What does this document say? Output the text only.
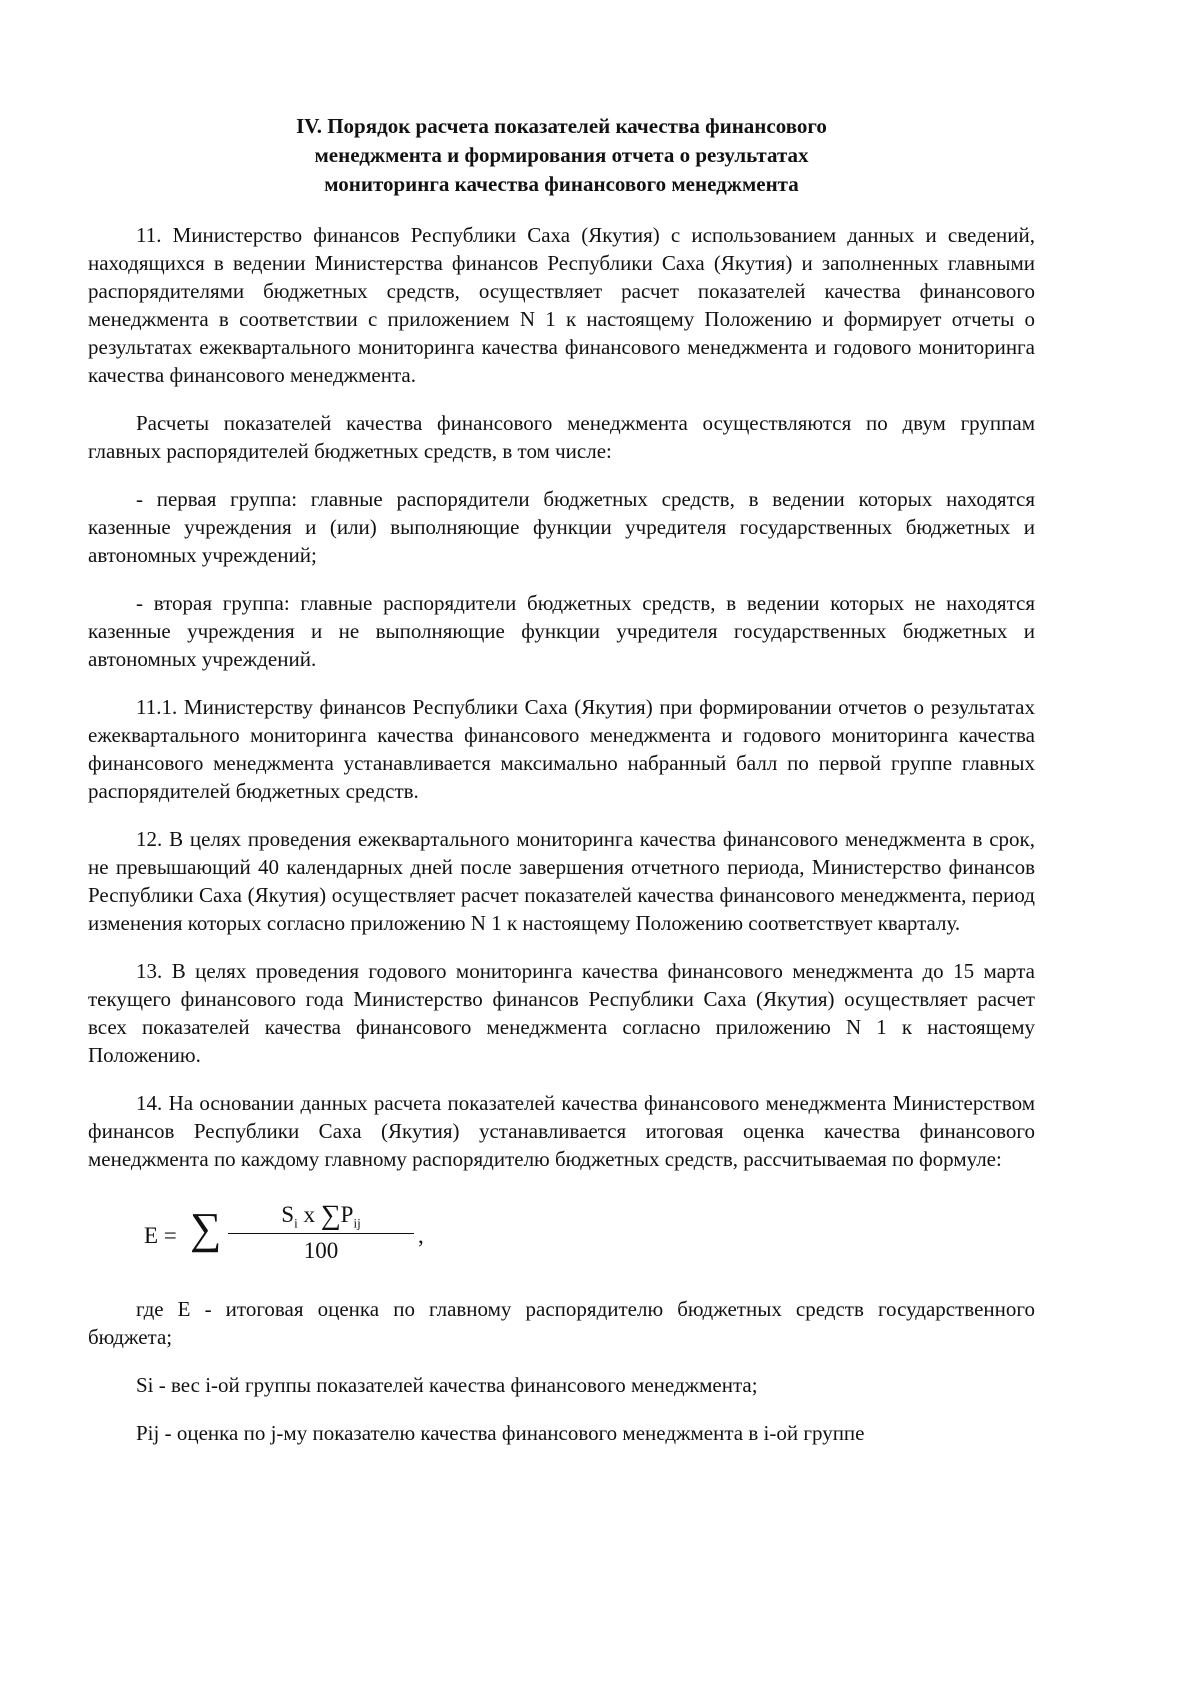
IV. Порядок расчета показателей качества финансового
менеджмента и формирования отчета о результатах
мониторинга качества финансового менеджмента

11. Министерство финансов Республики Саха (Якутия) с использованием данных и сведений, находящихся в ведении Министерства финансов Республики Саха (Якутия) и заполненных главными распорядителями бюджетных средств, осуществляет расчет показателей качества финансового менеджмента в соответствии с приложением N 1 к настоящему Положению и формирует отчеты о результатах ежеквартального мониторинга качества финансового менеджмента и годового мониторинга качества финансового менеджмента.

Расчеты показателей качества финансового менеджмента осуществляются по двум группам главных распорядителей бюджетных средств, в том числе:

- первая группа: главные распорядители бюджетных средств, в ведении которых находятся казенные учреждения и (или) выполняющие функции учредителя государственных бюджетных и автономных учреждений;

- вторая группа: главные распорядители бюджетных средств, в ведении которых не находятся казенные учреждения и не выполняющие функции учредителя государственных бюджетных и автономных учреждений.

11.1. Министерству финансов Республики Саха (Якутия) при формировании отчетов о результатах ежеквартального мониторинга качества финансового менеджмента и годового мониторинга качества финансового менеджмента устанавливается максимально набранный балл по первой группе главных распорядителей бюджетных средств.

12. В целях проведения ежеквартального мониторинга качества финансового менеджмента в срок, не превышающий 40 календарных дней после завершения отчетного периода, Министерство финансов Республики Саха (Якутия) осуществляет расчет показателей качества финансового менеджмента, период изменения которых согласно приложению N 1 к настоящему Положению соответствует кварталу.

13. В целях проведения годового мониторинга качества финансового менеджмента до 15 марта текущего финансового года Министерство финансов Республики Саха (Якутия) осуществляет расчет всех показателей качества финансового менеджмента согласно приложению N 1 к настоящему Положению.

14. На основании данных расчета показателей качества финансового менеджмента Министерством финансов Республики Саха (Якутия) устанавливается итоговая оценка качества финансового менеджмента по каждому главному распорядителю бюджетных средств, рассчитываемая по формуле:

E = ∑	$S_i$ x $\sum P_{ij}$
100
,

где E - итоговая оценка по главному распорядителю бюджетных средств государственного бюджета;

Si - вес i-ой группы показателей качества финансового менеджмента;

Pij - оценка по j-му показателю качества финансового менеджмента в i-ой группе
